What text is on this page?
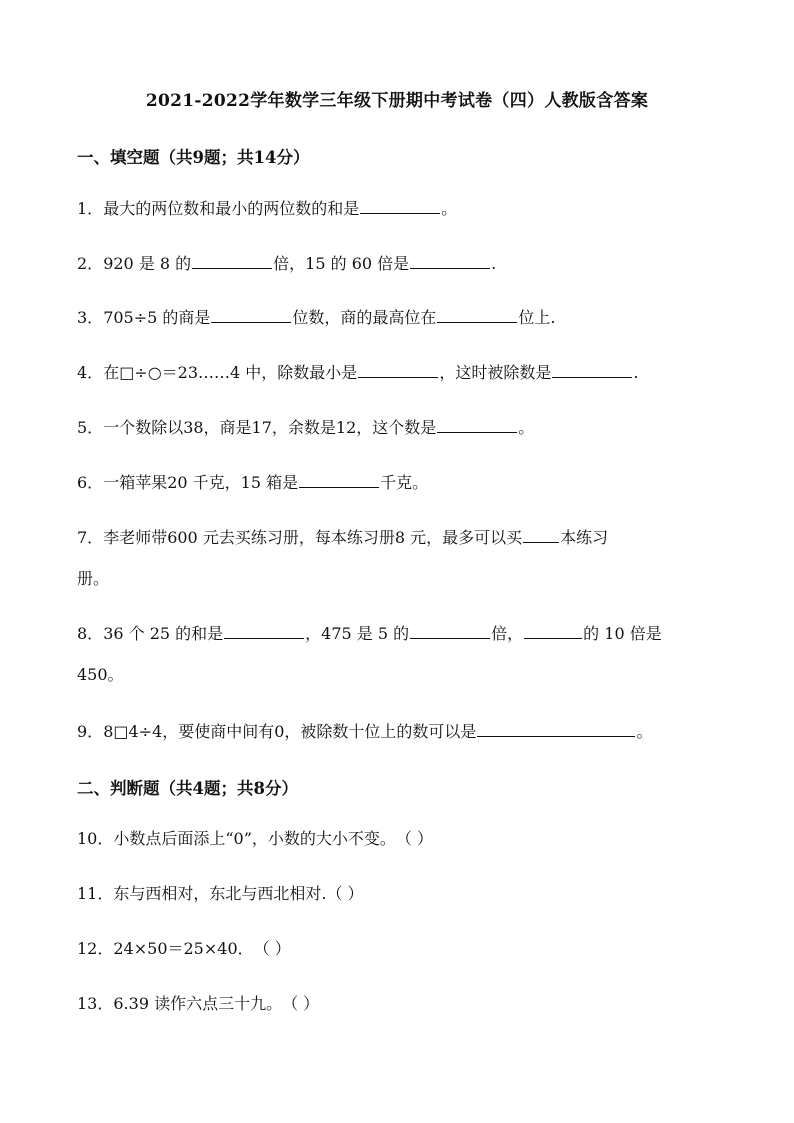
2021-2022学年数学三年级下册期中考试卷（四）人教版含答案
一、填空题（共9题；共14分）
1．最大的两位数和最小的两位数的和是	。
2．920 是 8 的	倍，15 的 60 倍是	.
3．705÷5 的商是	位数，商的最高位在	位上.
4．在□÷○＝23……4 中，除数最小是	，这时被除数是	.
5．一个数除以38，商是17，余数是12，这个数是	。
6．一箱苹果20 千克，15 箱是	千克。
7．李老师带600 元去买练习册，每本练习册8 元，最多可以买 本练习
册。
8．36 个 25 的和是	，475 是 5 的	倍，	的 10 倍是
450。
9．8□4÷4，要使商中间有0，被除数十位上的数可以是	。
二、判断题（共4题；共8分）
10．小数点后面添上“0”，小数的大小不变。（ ）
11．东与西相对，东北与西北相对.（ ）
12．24×50＝25×40．（ ）
13．6.39 读作六点三十九。（ ）
